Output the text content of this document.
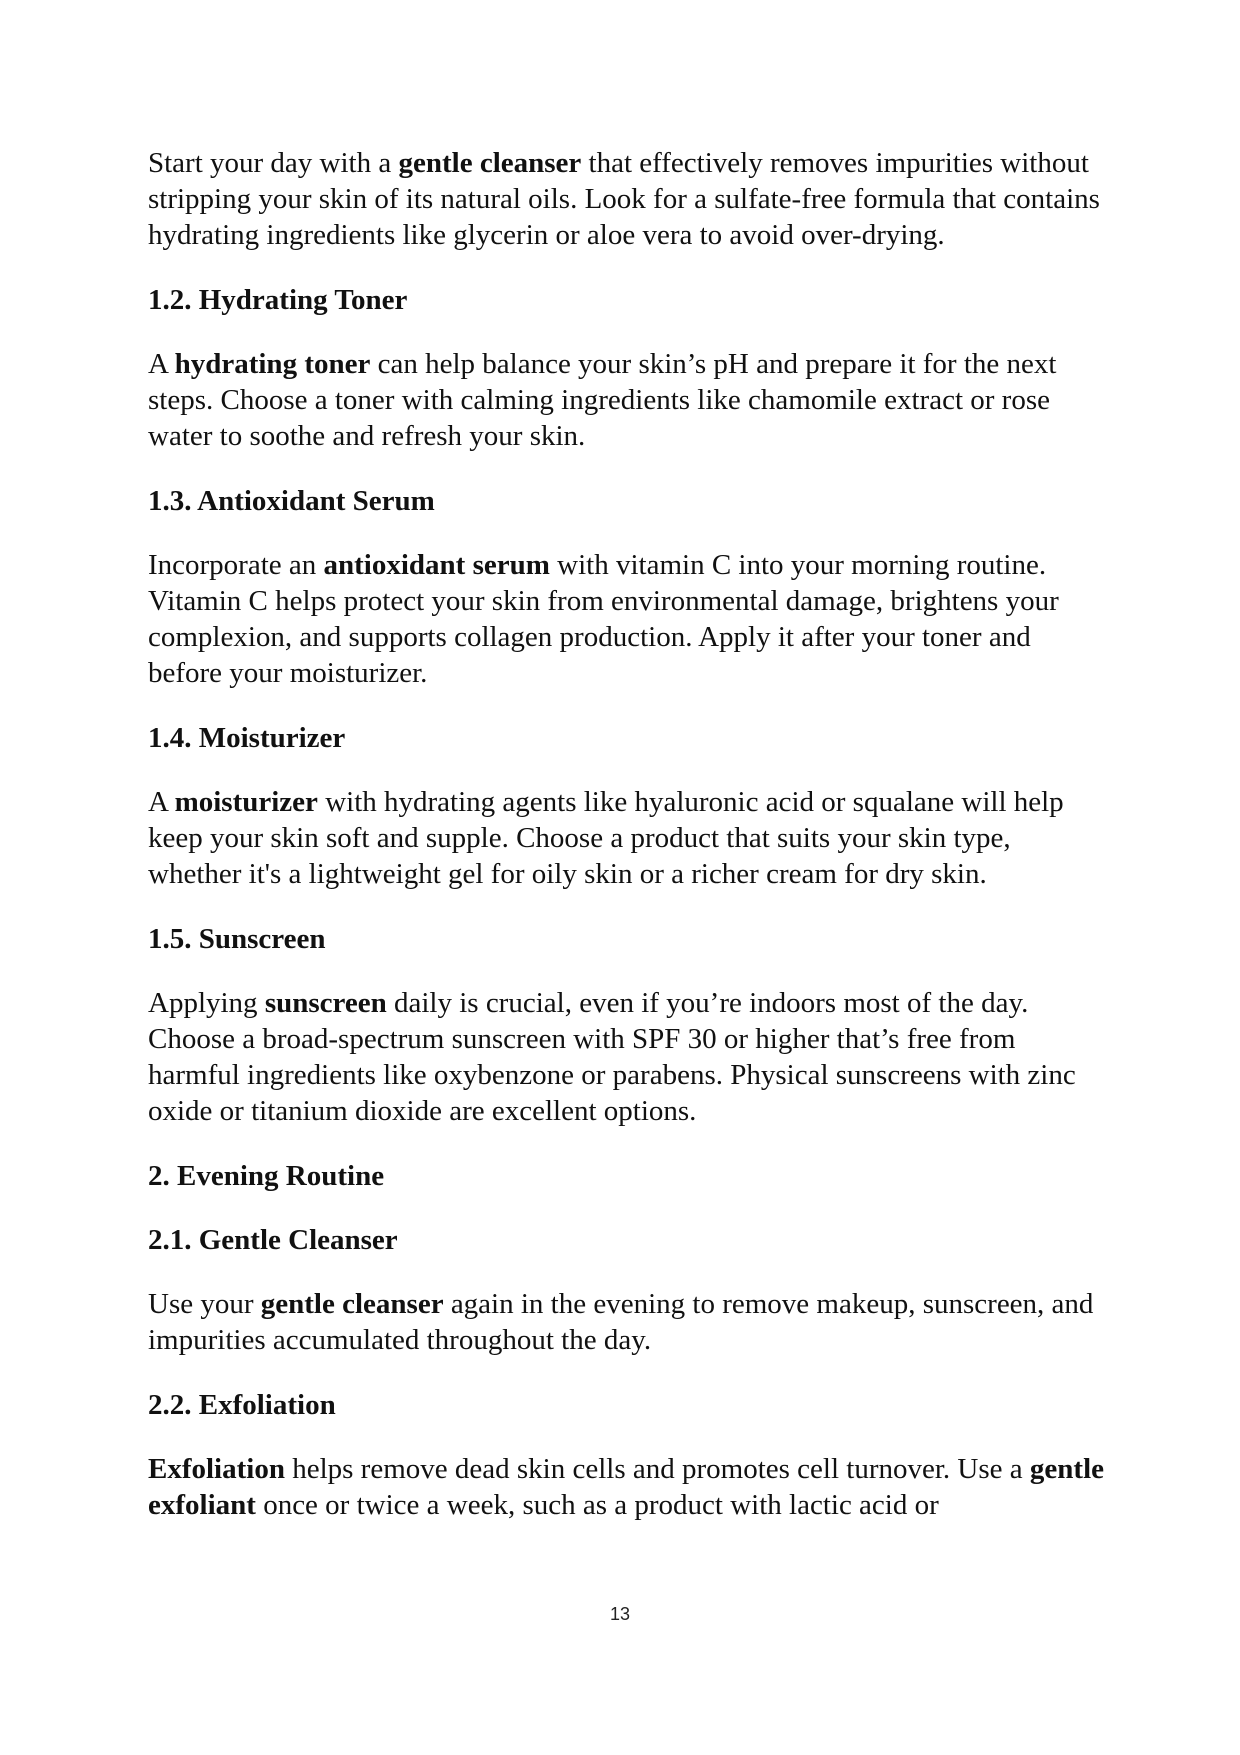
Start your day with a gentle cleanser that effectively removes impurities without stripping your skin of its natural oils. Look for a sulfate-free formula that contains hydrating ingredients like glycerin or aloe vera to avoid over-drying.

1.2. Hydrating Toner

A hydrating toner can help balance your skin’s pH and prepare it for the next steps. Choose a toner with calming ingredients like chamomile extract or rose water to soothe and refresh your skin.

1.3. Antioxidant Serum

Incorporate an antioxidant serum with vitamin C into your morning routine. Vitamin C helps protect your skin from environmental damage, brightens your complexion, and supports collagen production. Apply it after your toner and before your moisturizer.

1.4. Moisturizer

A moisturizer with hydrating agents like hyaluronic acid or squalane will help keep your skin soft and supple. Choose a product that suits your skin type, whether it's a lightweight gel for oily skin or a richer cream for dry skin.

1.5. Sunscreen

Applying sunscreen daily is crucial, even if you’re indoors most of the day. Choose a broad-spectrum sunscreen with SPF 30 or higher that’s free from harmful ingredients like oxybenzone or parabens. Physical sunscreens with zinc oxide or titanium dioxide are excellent options.

2. Evening Routine
2.1. Gentle Cleanser

Use your gentle cleanser again in the evening to remove makeup, sunscreen, and impurities accumulated throughout the day.

2.2. Exfoliation

Exfoliation helps remove dead skin cells and promotes cell turnover. Use a gentle exfoliant once or twice a week, such as a product with lactic acid or

13
